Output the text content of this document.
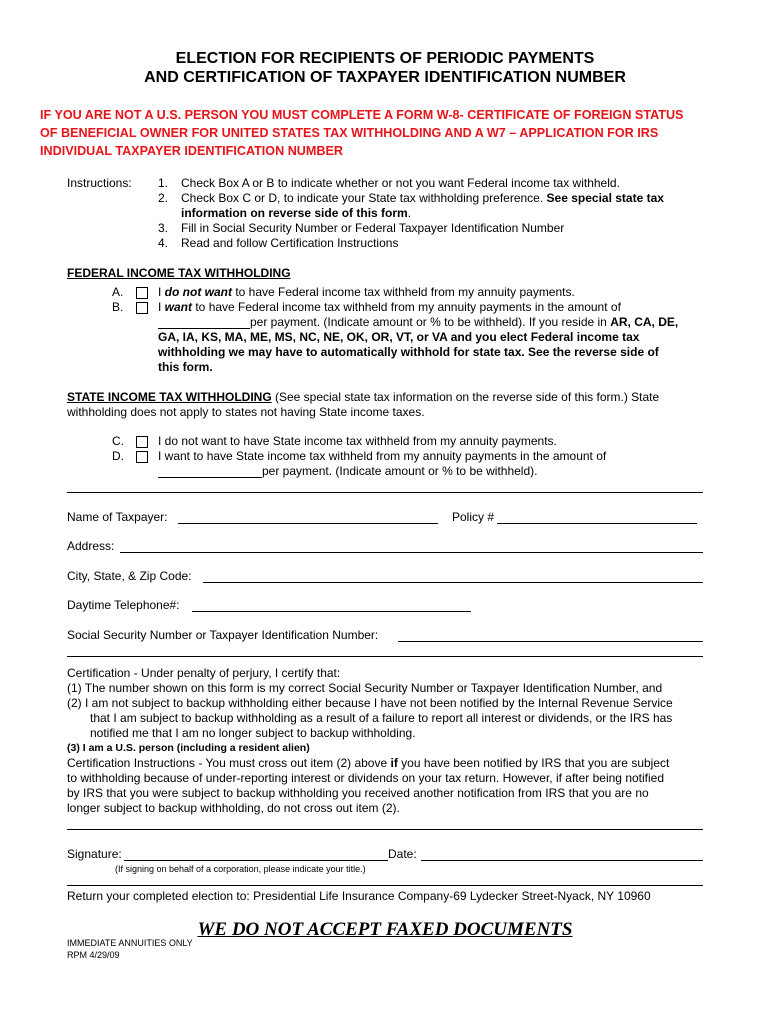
ELECTION FOR RECIPIENTS OF PERIODIC PAYMENTS
AND CERTIFICATION OF TAXPAYER IDENTIFICATION NUMBER
IF YOU ARE NOT A U.S. PERSON YOU MUST COMPLETE A FORM W-8- CERTIFICATE OF FOREIGN STATUS
OF BENEFICIAL OWNER FOR UNITED STATES TAX WITHHOLDING AND A W7 – APPLICATION FOR IRS
INDIVIDUAL TAXPAYER IDENTIFICATION NUMBER
Instructions: 1. Check Box A or B to indicate whether or not you want Federal income tax withheld.
2. Check Box C or D, to indicate your State tax withholding preference. See special state tax
information on reverse side of this form.
3. Fill in Social Security Number or Federal Taxpayer Identification Number
4. Read and follow Certification Instructions
FEDERAL INCOME TAX WITHHOLDING
A.	I do not want to have Federal income tax withheld from my annuity payments.
B.	I want to have Federal income tax withheld from my annuity payments in the amount of
per payment. (Indicate amount or % to be withheld). If you reside in AR, CA, DE,
GA, IA, KS, MA, ME, MS, NC, NE, OK, OR, VT, or VA and you elect Federal income tax
withholding we may have to automatically withhold for state tax. See the reverse side of
this form.
STATE INCOME TAX WITHHOLDING (See special state tax information on the reverse side of this form.) State
withholding does not apply to states not having State income taxes.
C.	I do not want to have State income tax withheld from my annuity payments.
D.	I want to have State income tax withheld from my annuity payments in the amount of
per payment. (Indicate amount or % to be withheld).
Name of Taxpayer:	Policy #
Address:
City, State, & Zip Code:
Daytime Telephone#:
Social Security Number or Taxpayer Identification Number:
Certification - Under penalty of perjury, I certify that:
(1) The number shown on this form is my correct Social Security Number or Taxpayer Identification Number, and
(2) I am not subject to backup withholding either because I have not been notified by the Internal Revenue Service
that I am subject to backup withholding as a result of a failure to report all interest or dividends, or the IRS has
notified me that I am no longer subject to backup withholding.
(3) I am a U.S. person (including a resident alien)
Certification Instructions - You must cross out item (2) above if you have been notified by IRS that you are subject
to withholding because of under-reporting interest or dividends on your tax return. However, if after being notified
by IRS that you were subject to backup withholding you received another notification from IRS that you are no
longer subject to backup withholding, do not cross out item (2).
Signature:	Date:
(If signing on behalf of a corporation, please indicate your title.)
Return your completed election to: Presidential Life Insurance Company-69 Lydecker Street-Nyack, NY 10960
WE DO NOT ACCEPT FAXED DOCUMENTS
IMMEDIATE ANNUITIES ONLY
RPM 4/29/09
